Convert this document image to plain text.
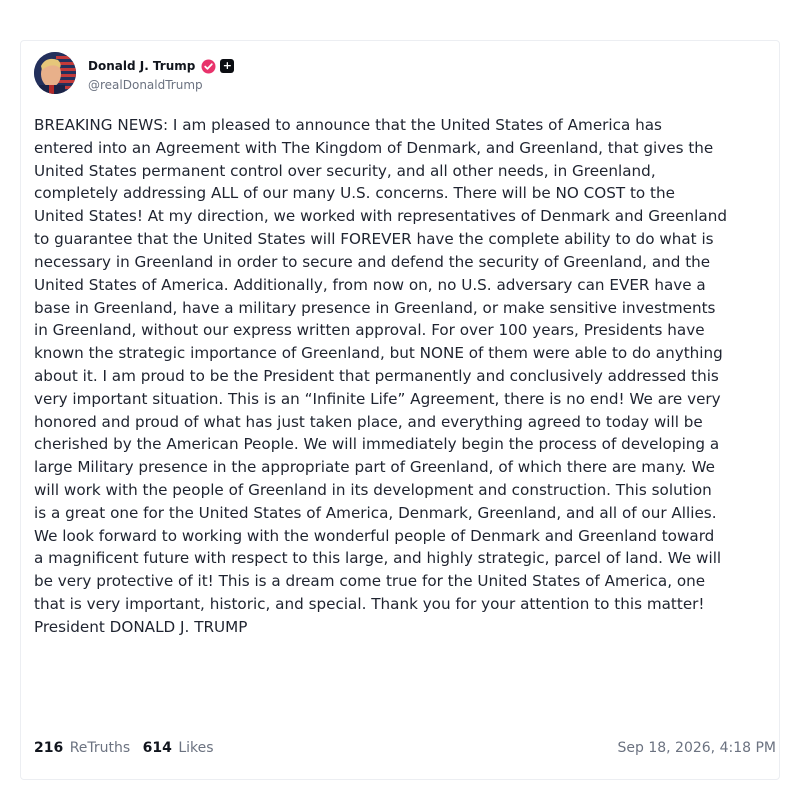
Donald J. Trump +
@realDonaldTrump
BREAKING NEWS: I am pleased to announce that the United States of America has
entered into an Agreement with The Kingdom of Denmark, and Greenland, that gives the
United States permanent control over security, and all other needs, in Greenland,
completely addressing ALL of our many U.S. concerns. There will be NO COST to the
United States! At my direction, we worked with representatives of Denmark and Greenland
to guarantee that the United States will FOREVER have the complete ability to do what is
necessary in Greenland in order to secure and defend the security of Greenland, and the
United States of America. Additionally, from now on, no U.S. adversary can EVER have a
base in Greenland, have a military presence in Greenland, or make sensitive investments
in Greenland, without our express written approval. For over 100 years, Presidents have
known the strategic importance of Greenland, but NONE of them were able to do anything
about it. I am proud to be the President that permanently and conclusively addressed this
very important situation. This is an “Infinite Life” Agreement, there is no end! We are very
honored and proud of what has just taken place, and everything agreed to today will be
cherished by the American People. We will immediately begin the process of developing a
large Military presence in the appropriate part of Greenland, of which there are many. We
will work with the people of Greenland in its development and construction. This solution
is a great one for the United States of America, Denmark, Greenland, and all of our Allies.
We look forward to working with the wonderful people of Denmark and Greenland toward
a magnificent future with respect to this large, and highly strategic, parcel of land. We will
be very protective of it! This is a dream come true for the United States of America, one
that is very important, historic, and special. Thank you for your attention to this matter!
President DONALD J. TRUMP
216 ReTruths 614 Likes	Sep 18, 2026, 4:18 PM
